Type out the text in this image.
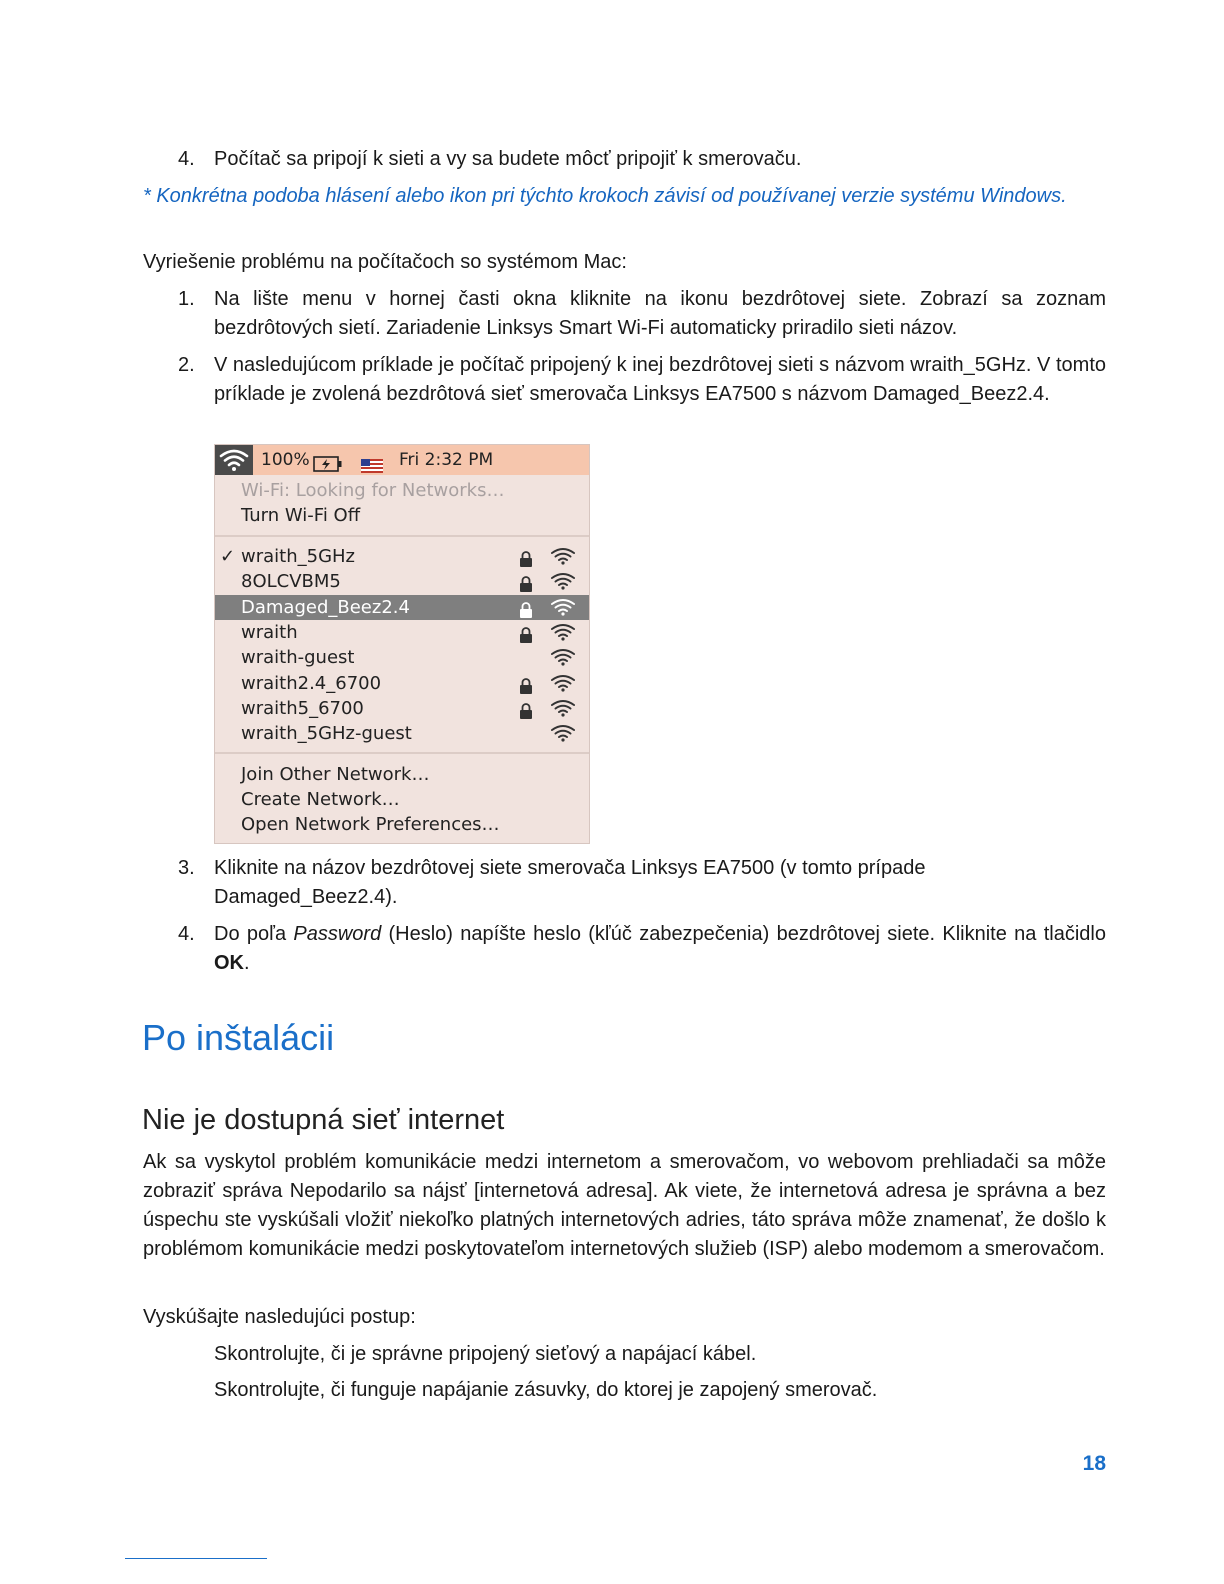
4. Počítač sa pripojí k sieti a vy sa budete môcť pripojiť k smerovaču.
* Konkrétna podoba hlásení alebo ikon pri týchto krokoch závisí od používanej verzie systému Windows.
Vyriešenie problému na počítačoch so systémom Mac:
1. Na lište menu v hornej časti okna kliknite na ikonu bezdrôtovej siete. Zobrazí sa zoznam bezdrôtových sietí. Zariadenie Linksys Smart Wi-Fi automaticky priradilo sieti názov.
2. V nasledujúcom príklade je počítač pripojený k inej bezdrôtovej sieti s názvom wraith_5GHz. V tomto príklade je zvolená bezdrôtová sieť smerovača Linksys EA7500 s názvom Damaged_Beez2.4.
100%	Fri 2:32 PM
Wi-Fi: Looking for Networks…
Turn Wi-Fi Off
✓ wraith_5GHz
8OLCVBM5
Damaged_Beez2.4
wraith
wraith-guest
wraith2.4_6700
wraith5_6700
wraith_5GHz-guest
Join Other Network…
Create Network…
Open Network Preferences…
3. Kliknite na názov bezdrôtovej siete smerovača Linksys EA7500 (v tomto prípade Damaged_Beez2.4).
4. Do poľa Password (Heslo) napíšte heslo (kľúč zabezpečenia) bezdrôtovej siete. Kliknite na tlačidlo OK.
Po inštalácii
Nie je dostupná sieť internet
Ak sa vyskytol problém komunikácie medzi internetom a smerovačom, vo webovom prehliadači sa môže zobraziť správa Nepodarilo sa nájsť [internetová adresa]. Ak viete, že internetová adresa je správna a bez úspechu ste vyskúšali vložiť niekoľko platných internetových adries, táto správa môže znamenať, že došlo k problémom komunikácie medzi poskytovateľom internetových služieb (ISP) alebo modemom a smerovačom.
Vyskúšajte nasledujúci postup:
Skontrolujte, či je správne pripojený sieťový a napájací kábel.
Skontrolujte, či funguje napájanie zásuvky, do ktorej je zapojený smerovač.
18
